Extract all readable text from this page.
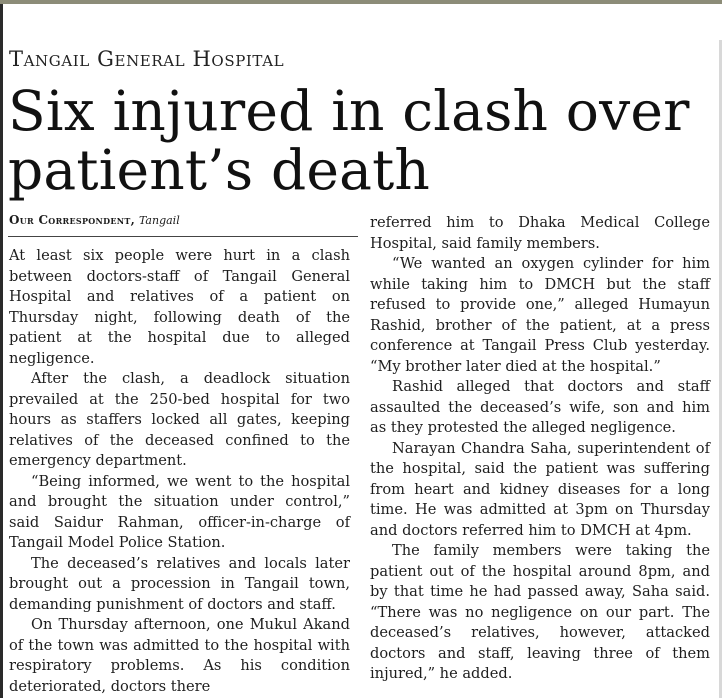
Tangail General Hospital
Six injured in clash over
patient’s death
Our Correspondent, Tangail

At least six people were hurt in a clash between doctors-staff of Tangail General Hospital and relatives of a patient on Thursday night, following death of the patient at the hospital due to alleged negligence.

After the clash, a deadlock situation prevailed at the 250-bed hospital for two hours as staffers locked all gates, keeping relatives of the deceased confined to the emergency department.

“Being informed, we went to the hospital and brought the situation under control,” said Saidur Rahman, officer-in-charge of Tangail Model Police Station.

The deceased’s relatives and locals later brought out a procession in Tangail town, demanding punishment of doctors and staff.

On Thursday afternoon, one Mukul Akand of the town was admitted to the hospital with respiratory problems. As his condition deteriorated, doctors there

referred him to Dhaka Medical College Hospital, said family members.

“We wanted an oxygen cylinder for him while taking him to DMCH but the staff refused to provide one,” alleged Humayun Rashid, brother of the patient, at a press conference at Tangail Press Club yesterday. “My brother later died at the hospital.”

Rashid alleged that doctors and staff assaulted the deceased’s wife, son and him as they protested the alleged negligence.

Narayan Chandra Saha, superintendent of the hospital, said the patient was suffering from heart and kidney diseases for a long time. He was admitted at 3pm on Thursday and doctors referred him to DMCH at 4pm.

The family members were taking the patient out of the hospital around 8pm, and by that time he had passed away, Saha said. “There was no negligence on our part. The deceased’s relatives, however, attacked doctors and staff, leaving three of them injured,” he added.
